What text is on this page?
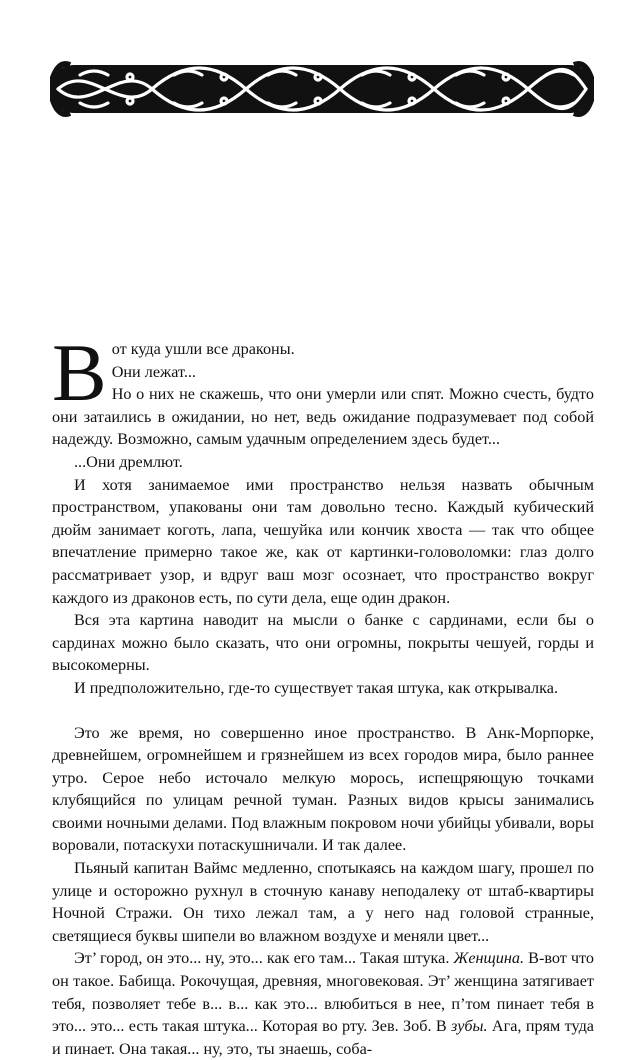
В от куда ушли все драконы.

Они лежат...

Но о них не скажешь, что они умерли или спят. Можно счесть, будто они затаились в ожидании, но нет, ведь ожидание подразумевает под собой надежду. Возможно, самым удачным определением здесь будет...

...Они дремлют.

И хотя занимаемое ими пространство нельзя назвать обычным пространством, упакованы они там довольно тесно. Каждый кубический дюйм занимает коготь, лапа, чешуйка или кончик хвоста — так что общее впечатление примерно такое же, как от картинки-головоломки: глаз долго рассматривает узор, и вдруг ваш мозг осознает, что пространство вокруг каждого из драконов есть, по сути дела, еще один дракон.

Вся эта картина наводит на мысли о банке с сардинами, если бы о сардинах можно было сказать, что они огромны, покрыты чешуей, горды и высокомерны.

И предположительно, где-то существует такая штука, как открывалка.

Это же время, но совершенно иное пространство. В Анк-Морпорке, древнейшем, огромнейшем и грязнейшем из всех городов мира, было раннее утро. Серое небо источало мелкую морось, испещряющую точками клубящийся по улицам речной туман. Разных видов крысы занимались своими ночными делами. Под влажным покровом ночи убийцы убивали, воры воровали, потаскухи потаскушничали. И так далее.

Пьяный капитан Ваймс медленно, спотыкаясь на каждом шагу, прошел по улице и осторожно рухнул в сточную канаву неподалеку от штаб-квартиры Ночной Стражи. Он тихо лежал там, а у него над головой странные, светящиеся буквы шипели во влажном воздухе и меняли цвет...

Эт’ город, он это... ну, это... как его там... Такая штука. Женщина. В-вот что он такое. Бабища. Рокочущая, древняя, многовековая. Эт’ женщина затягивает тебя, позволяет тебе в... в... как это... влюбиться в нее, п’том пинает тебя в это... это... есть такая штука... Которая во рту. Зев. Зоб. В зубы. Ага, прям туда и пинает. Она такая... ну, это, ты знаешь, соба-
